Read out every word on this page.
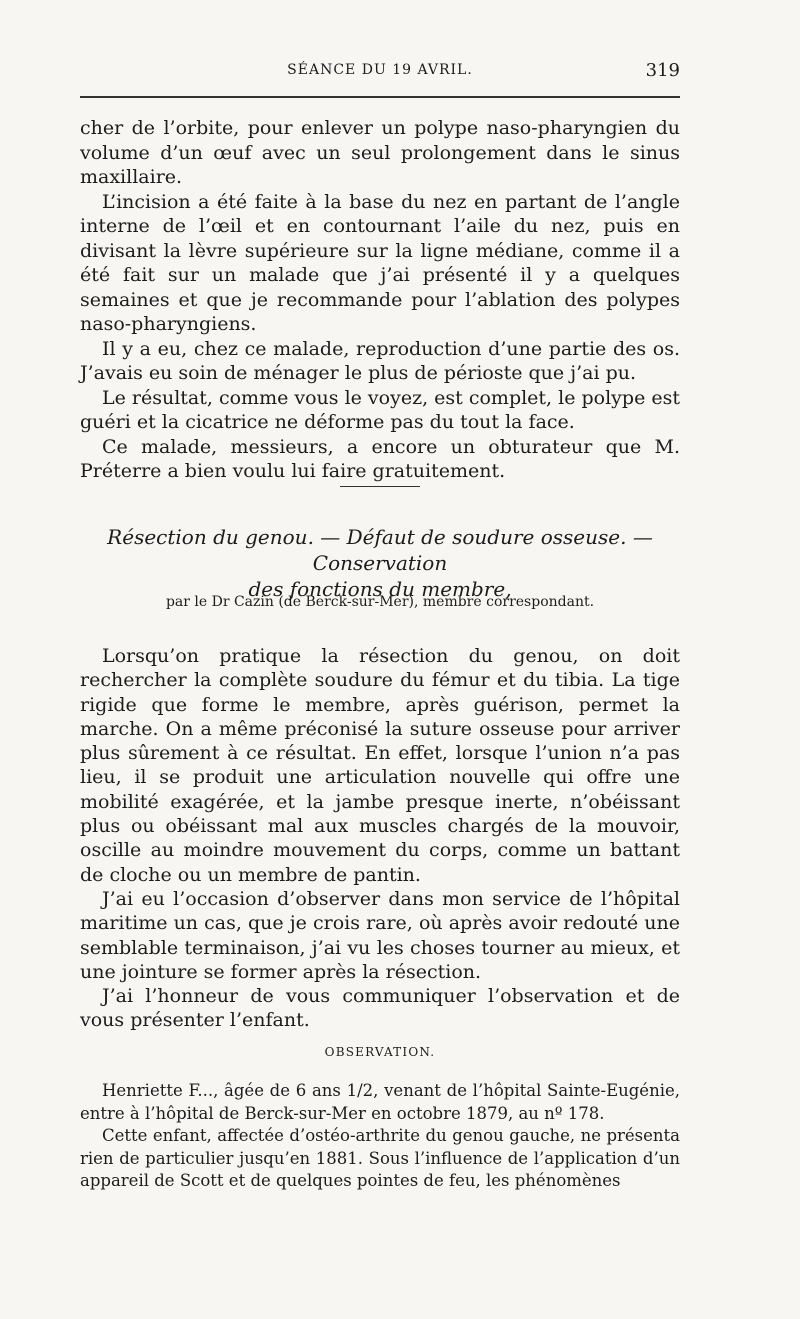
SÉANCE DU 19 AVRIL.	319

cher de l’orbite, pour enlever un polype naso-pharyngien du volume d’un œuf avec un seul prolongement dans le sinus maxillaire.

L’incision a été faite à la base du nez en partant de l’angle interne de l’œil et en contournant l’aile du nez, puis en divisant la lèvre supérieure sur la ligne médiane, comme il a été fait sur un malade que j’ai présenté il y a quelques semaines et que je recommande pour l’ablation des polypes naso-pharyngiens.

Il y a eu, chez ce malade, reproduction d’une partie des os. J’avais eu soin de ménager le plus de périoste que j’ai pu.

Le résultat, comme vous le voyez, est complet, le polype est guéri et la cicatrice ne déforme pas du tout la face.

Ce malade, messieurs, a encore un obturateur que M. Préterre a bien voulu lui faire gratuitement.

Résection du genou. — Défaut de soudure osseuse. — Conservation
des fonctions du membre,
par le Dr Cazin (de Berck-sur-Mer), membre correspondant.

Lorsqu’on pratique la résection du genou, on doit rechercher la complète soudure du fémur et du tibia. La tige rigide que forme le membre, après guérison, permet la marche. On a même préconisé la suture osseuse pour arriver plus sûrement à ce résultat. En effet, lorsque l’union n’a pas lieu, il se produit une articulation nouvelle qui offre une mobilité exagérée, et la jambe presque inerte, n’obéissant plus ou obéissant mal aux muscles chargés de la mouvoir, oscille au moindre mouvement du corps, comme un battant de cloche ou un membre de pantin.

J’ai eu l’occasion d’observer dans mon service de l’hôpital maritime un cas, que je crois rare, où après avoir redouté une semblable terminaison, j’ai vu les choses tourner au mieux, et une jointure se former après la résection.

J’ai l’honneur de vous communiquer l’observation et de vous présenter l’enfant.

OBSERVATION.

Henriette F..., âgée de 6 ans 1/2, venant de l’hôpital Sainte-Eugénie, entre à l’hôpital de Berck-sur-Mer en octobre 1879, au nº 178.

Cette enfant, affectée d’ostéo-arthrite du genou gauche, ne présenta rien de particulier jusqu’en 1881. Sous l’influence de l’application d’un appareil de Scott et de quelques pointes de feu, les phénomènes
